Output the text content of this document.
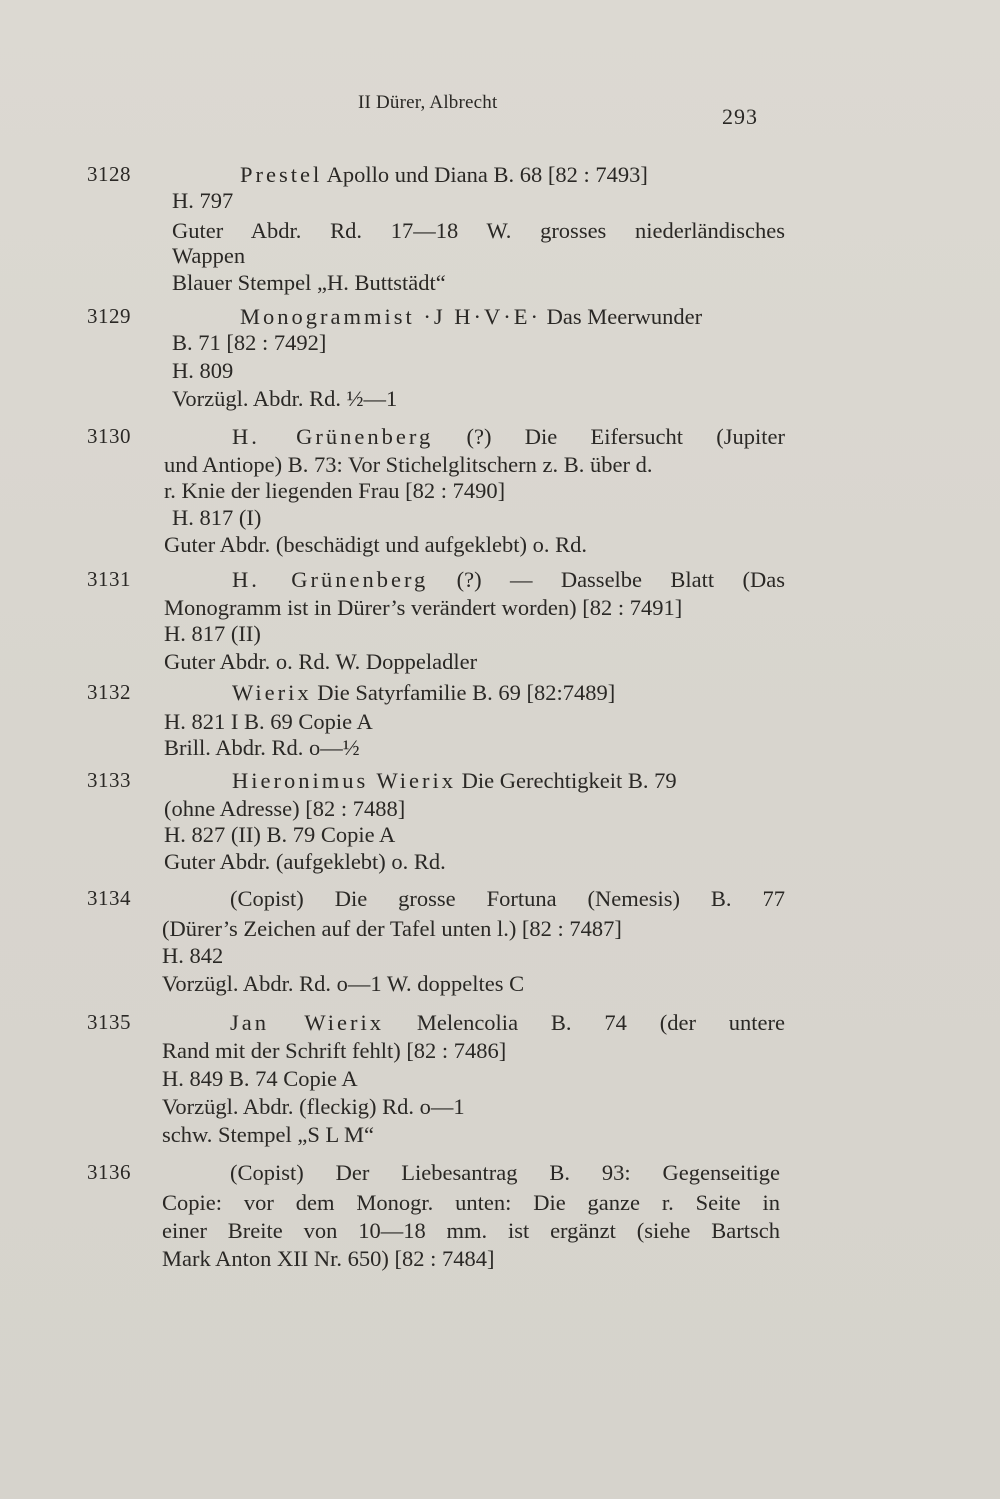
II Dürer, Albrecht
293
3128	Prestel Apollo und Diana B. 68 [82 : 7493]
H. 797
Guter Abdr. Rd. 17—18 W. grosses niederländisches
Wappen
Blauer Stempel „H. Buttstädt“
3129	Monogrammist ·J H·V·E· Das Meerwunder
B. 71 [82 : 7492]
H. 809
Vorzügl. Abdr. Rd. ½—1
3130	H. Grünenberg (?) Die Eifersucht (Jupiter
und Antiope) B. 73: Vor Stichelglitschern z. B. über d.
r. Knie der liegenden Frau [82 : 7490]
H. 817 (I)
Guter Abdr. (beschädigt und aufgeklebt) o. Rd.
3131	H. Grünenberg (?) — Dasselbe Blatt (Das
Monogramm ist in Dürer’s verändert worden) [82 : 7491]
H. 817 (II)
Guter Abdr. o. Rd. W. Doppeladler
3132	Wierix Die Satyrfamilie B. 69 [82:7489]
H. 821 I B. 69 Copie A
Brill. Abdr. Rd. o—½
3133	Hieronimus Wierix Die Gerechtigkeit B. 79
(ohne Adresse) [82 : 7488]
H. 827 (II) B. 79 Copie A
Guter Abdr. (aufgeklebt) o. Rd.
3134	(Copist) Die grosse Fortuna (Nemesis) B. 77
(Dürer’s Zeichen auf der Tafel unten l.) [82 : 7487]
H. 842
Vorzügl. Abdr. Rd. o—1 W. doppeltes C
3135	Jan Wierix Melencolia B. 74 (der untere
Rand mit der Schrift fehlt) [82 : 7486]
H. 849 B. 74 Copie A
Vorzügl. Abdr. (fleckig) Rd. o—1
schw. Stempel „S L M“
3136	(Copist) Der Liebesantrag B. 93: Gegenseitige
Copie: vor dem Monogr. unten: Die ganze r. Seite in
einer Breite von 10—18 mm. ist ergänzt (siehe Bartsch
Mark Anton XII Nr. 650) [82 : 7484]
